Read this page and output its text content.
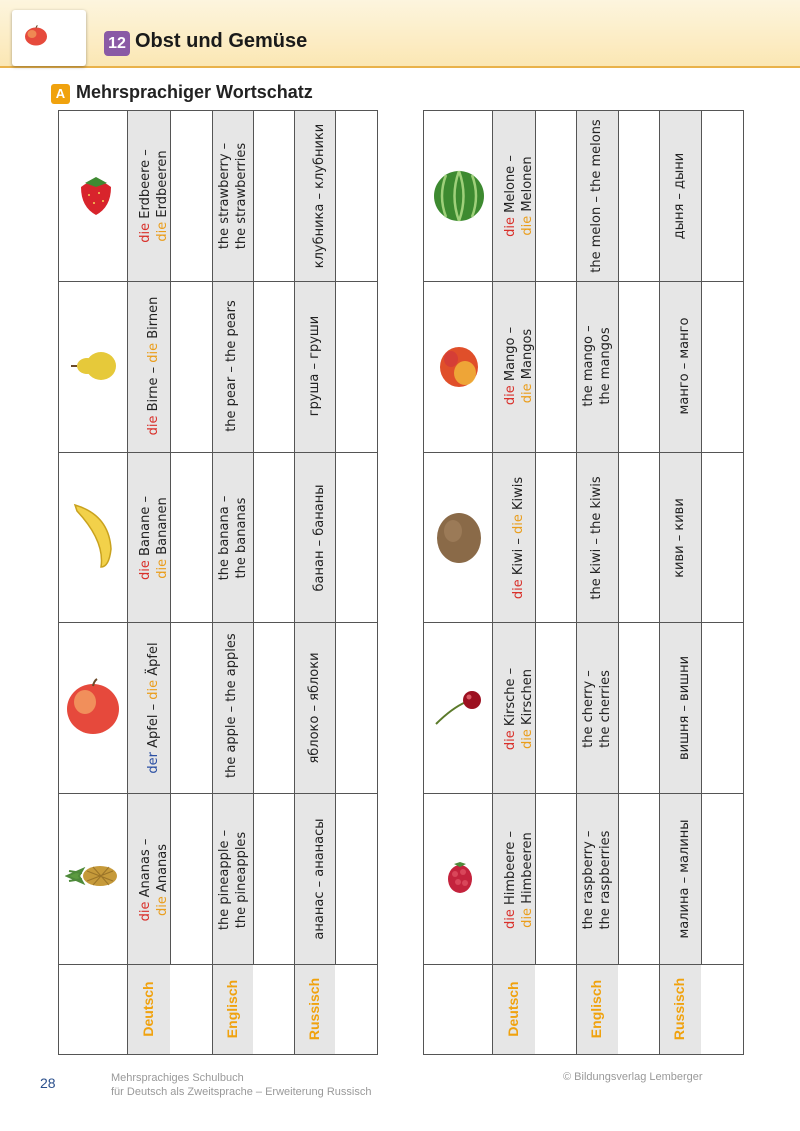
12 Obst und Gemüse
A Mehrsprachiger Wortschatz
Deutsch	Englisch	Russisch
die Ananas –
die Ananas	the pineapple – the pineapples	ананас – ананасы
der Apfel – die Äpfel	the apple – the apples	яблоко – яблоки
die Banane –
die Bananen	the banana – the bananas	банан – бананы
die Birne – die Birnen	the pear – the pears	груша – груши
die Erdbeere –
die Erdbeeren	the strawberry – the strawberries	клубника – клубники
Deutsch	Englisch	Russisch
die Himbeere –
die Himbeeren	the raspberry – the raspberries	малина – малины
die Kirsche –
die Kirschen	the cherry – the cherries	вишня – вишни
die Kiwi – die Kiwis	the kiwi – the kiwis	киви – киви
die Mango –
die Mangos	the mango – the mangos	манго – манго
die Melone –
die Melonen	the melon – the melons	дыня – дыни
28	Mehrsprachiges Schulbuch
für Deutsch als Zweitsprache – Erweiterung Russisch
© Bildungsverlag Lemberger
